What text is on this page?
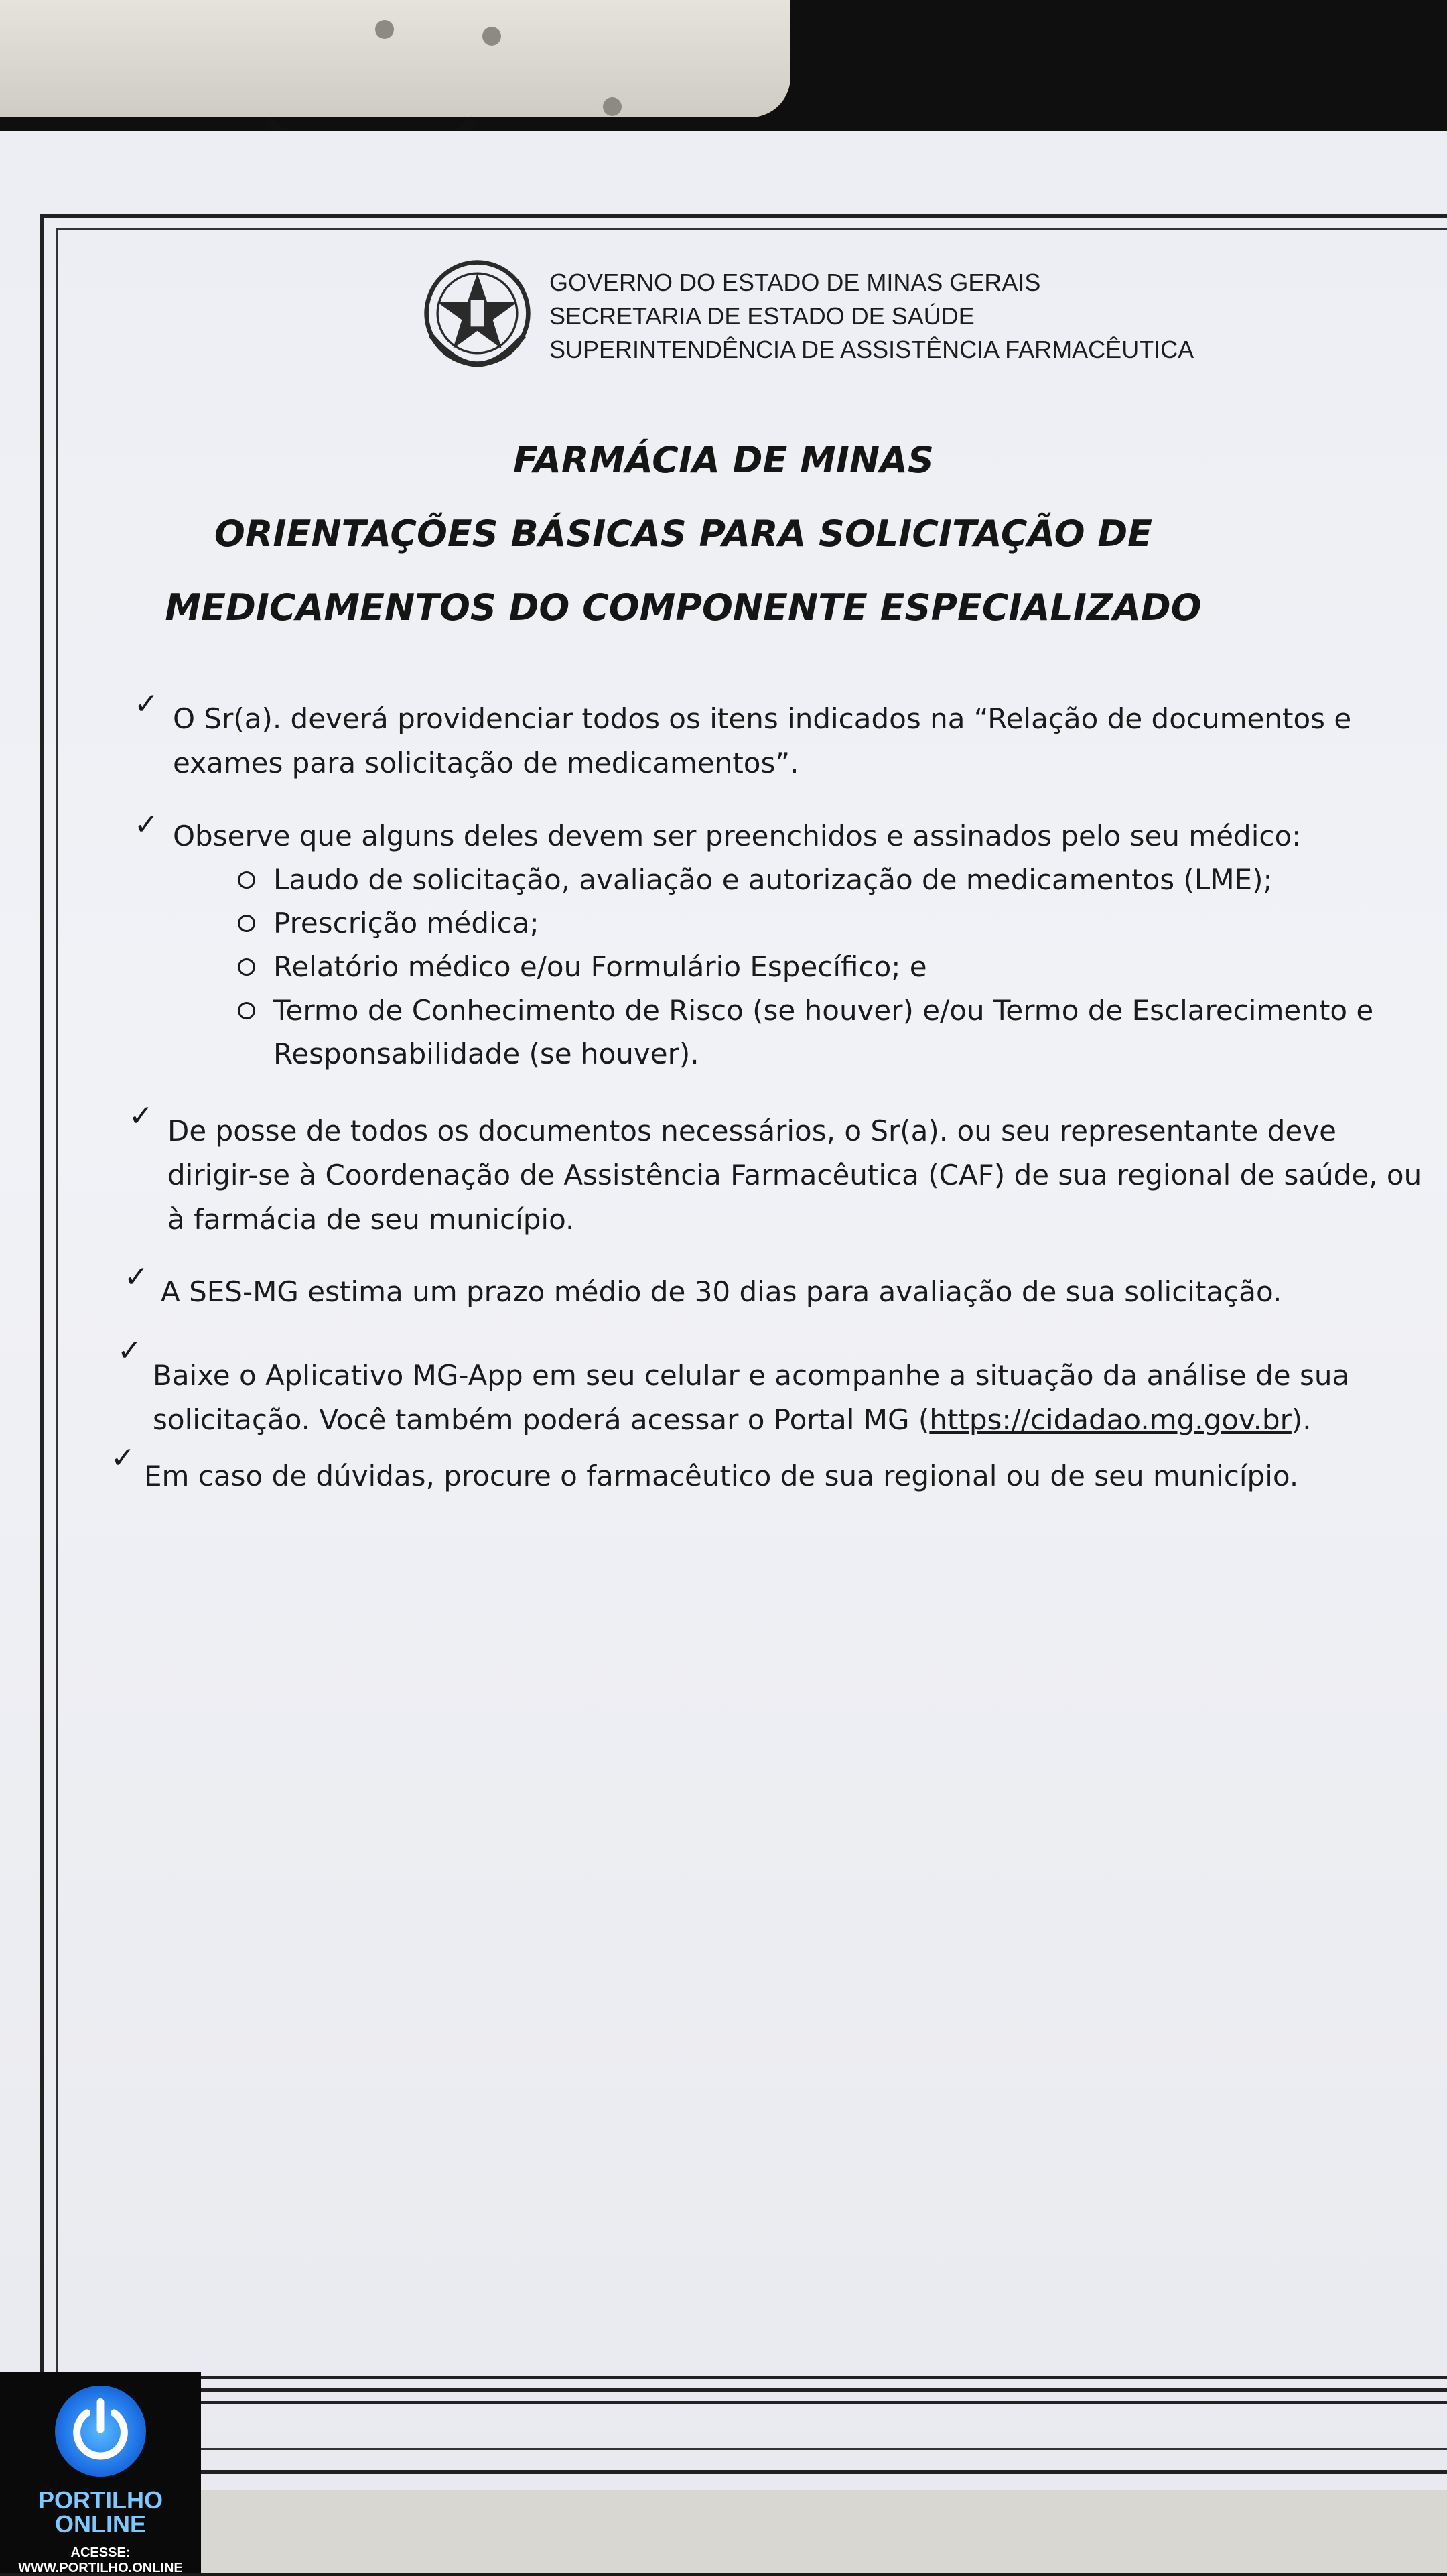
GOVERNO DO ESTADO DE MINAS GERAIS
SECRETARIA DE ESTADO DE SAÚDE
SUPERINTENDÊNCIA DE ASSISTÊNCIA FARMACÊUTICA
FARMÁCIA DE MINAS
ORIENTAÇÕES BÁSICAS PARA SOLICITAÇÃO DE
MEDICAMENTOS DO COMPONENTE ESPECIALIZADO
✓ O Sr(a). deverá providenciar todos os itens indicados na “Relação de documentos e
exames para solicitação de medicamentos”.
✓ Observe que alguns deles devem ser preenchidos e assinados pelo seu médico:
Laudo de solicitação, avaliação e autorização de medicamentos (LME);
Prescrição médica;
Relatório médico e/ou Formulário Específico; e
Termo de Conhecimento de Risco (se houver) e/ou Termo de Esclarecimento e
Responsabilidade (se houver).
✓ De posse de todos os documentos necessários, o Sr(a). ou seu representante deve
dirigir-se à Coordenação de Assistência Farmacêutica (CAF) de sua regional de saúde, ou
à farmácia de seu município.
✓ A SES-MG estima um prazo médio de 30 dias para avaliação de sua solicitação.
✓
Baixe o Aplicativo MG-App em seu celular e acompanhe a situação da análise de sua
solicitação. Você também poderá acessar o Portal MG (https://cidadao.mg.gov.br).
✓
Em caso de dúvidas, procure o farmacêutico de sua regional ou de seu município.
PORTILHO
ONLINE
ACESSE: WWW.PORTILHO.ONLINE
